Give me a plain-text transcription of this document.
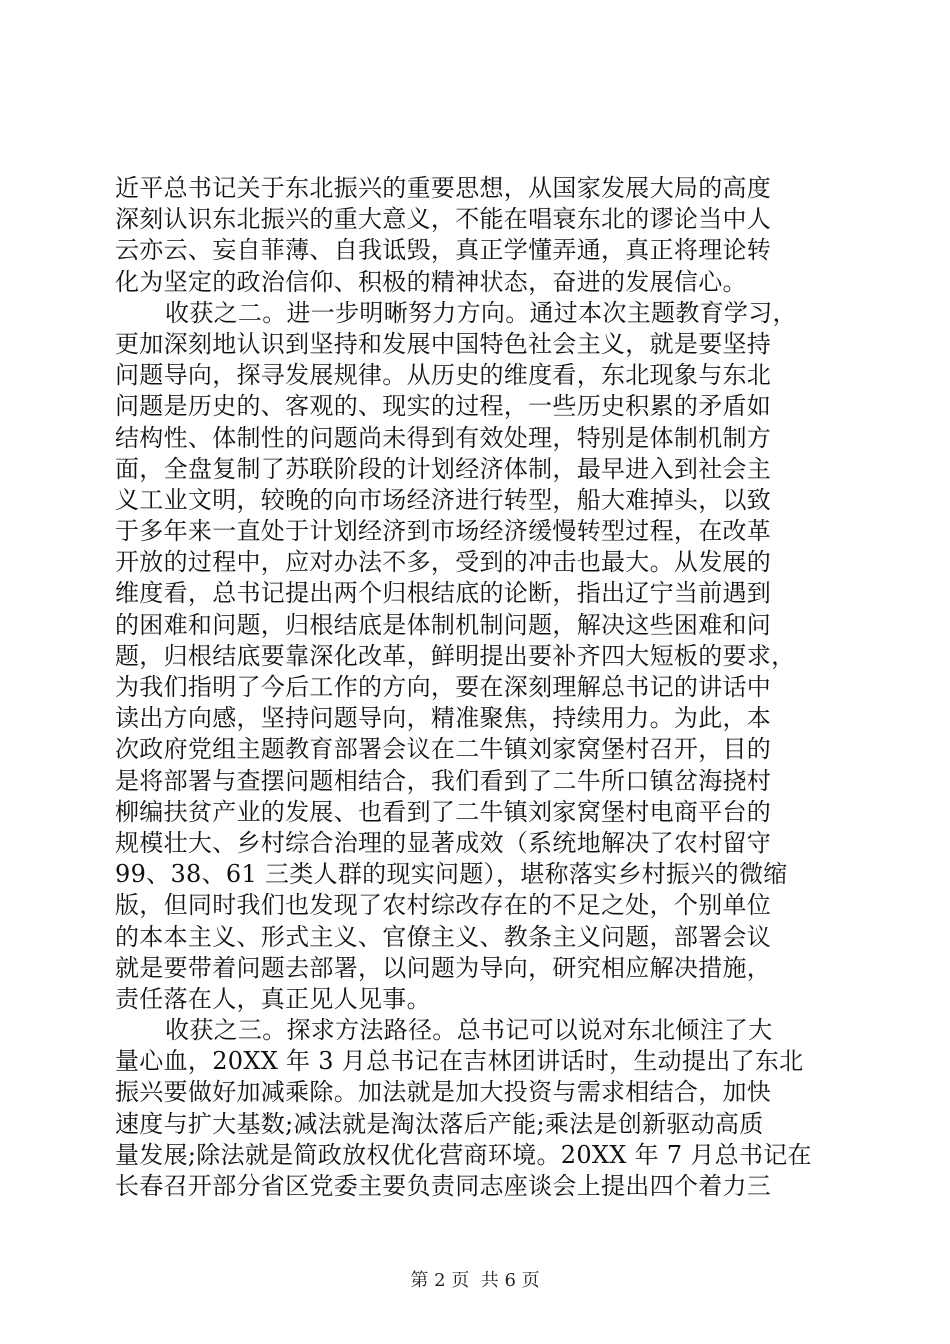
近平总书记关于东北振兴的重要思想，从国家发展大局的高度
深刻认识东北振兴的重大意义，不能在唱衰东北的谬论当中人
云亦云、妄自菲薄、自我诋毁，真正学懂弄通，真正将理论转
化为坚定的政治信仰、积极的精神状态，奋进的发展信心。
收获之二。进一步明晰努力方向。通过本次主题教育学习，
更加深刻地认识到坚持和发展中国特色社会主义，就是要坚持
问题导向，探寻发展规律。从历史的维度看，东北现象与东北
问题是历史的、客观的、现实的过程，一些历史积累的矛盾如
结构性、体制性的问题尚未得到有效处理，特别是体制机制方
面，全盘复制了苏联阶段的计划经济体制，最早进入到社会主
义工业文明，较晚的向市场经济进行转型，船大难掉头，以致
于多年来一直处于计划经济到市场经济缓慢转型过程，在改革
开放的过程中，应对办法不多，受到的冲击也最大。从发展的
维度看，总书记提出两个归根结底的论断，指出辽宁当前遇到
的困难和问题，归根结底是体制机制问题，解决这些困难和问
题，归根结底要靠深化改革，鲜明提出要补齐四大短板的要求，
为我们指明了今后工作的方向，要在深刻理解总书记的讲话中
读出方向感，坚持问题导向，精准聚焦，持续用力。为此，本
次政府党组主题教育部署会议在二牛镇刘家窝堡村召开，目的
是将部署与查摆问题相结合，我们看到了二牛所口镇岔海挠村
柳编扶贫产业的发展、也看到了二牛镇刘家窝堡村电商平台的
规模壮大、乡村综合治理的显著成效（系统地解决了农村留守
99、38、61 三类人群的现实问题），堪称落实乡村振兴的微缩
版，但同时我们也发现了农村综改存在的不足之处，个别单位
的本本主义、形式主义、官僚主义、教条主义问题，部署会议
就是要带着问题去部署，以问题为导向，研究相应解决措施，
责任落在人，真正见人见事。
收获之三。探求方法路径。总书记可以说对东北倾注了大
量心血，20XX 年 3 月总书记在吉林团讲话时，生动提出了东北
振兴要做好加减乘除。加法就是加大投资与需求相结合，加快
速度与扩大基数;减法就是淘汰落后产能;乘法是创新驱动高质
量发展;除法就是简政放权优化营商环境。20XX 年 7 月总书记在
长春召开部分省区党委主要负责同志座谈会上提出四个着力三
第 2 页 共 6 页
